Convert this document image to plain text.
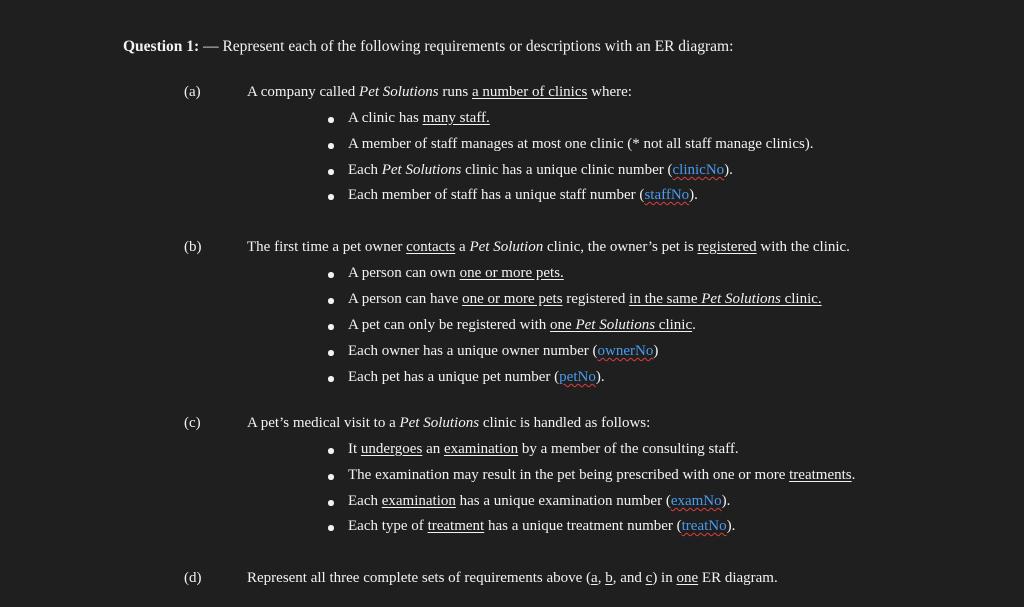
Question 1: — Represent each of the following requirements or descriptions with an ER diagram:
(a)	A company called Pet Solutions runs a number of clinics where:
A clinic has many staff.
A member of staff manages at most one clinic (* not all staff manage clinics).
Each Pet Solutions clinic has a unique clinic number (clinicNo).
Each member of staff has a unique staff number (staffNo).
(b)	The first time a pet owner contacts a Pet Solution clinic, the owner’s pet is registered with the clinic.
A person can own one or more pets.
A person can have one or more pets registered in the same Pet Solutions clinic.
A pet can only be registered with one Pet Solutions clinic.
Each owner has a unique owner number (ownerNo)
Each pet has a unique pet number (petNo).
(c)	A pet’s medical visit to a Pet Solutions clinic is handled as follows:
It undergoes an examination by a member of the consulting staff.
The examination may result in the pet being prescribed with one or more treatments.
Each examination has a unique examination number (examNo).
Each type of treatment has a unique treatment number (treatNo).
(d)	Represent all three complete sets of requirements above (a, b, and c) in one ER diagram.
